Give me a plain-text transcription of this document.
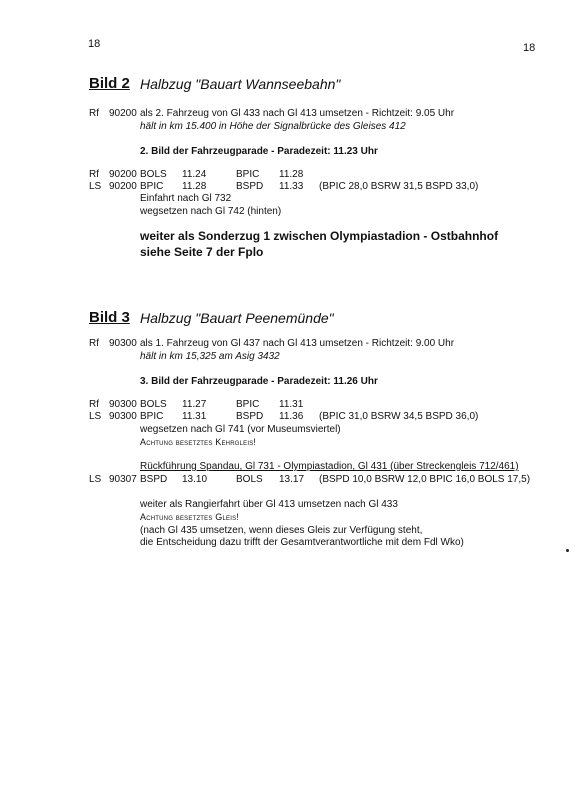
18	18
Bild 2 Halbzug "Bauart Wannseebahn"
Rf 90200 als 2. Fahrzeug von Gl 433 nach Gl 413 umsetzen - Richtzeit: 9.05 Uhr
hält in km 15.400 in Höhe der Signalbrücke des Gleises 412
2. Bild der Fahrzeugparade - Paradezeit: 11.23 Uhr
Rf 90200 BOLS 11.24	BPIC 11.28
LS 90200 BPIC 11.28	BSPD 11.33 (BPIC 28,0 BSRW 31,5 BSPD 33,0)
Einfahrt nach Gl 732
wegsetzen nach Gl 742 (hinten)
weiter als Sonderzug 1 zwischen Olympiastadion - Ostbahnhof
siehe Seite 7 der Fplo
Bild 3 Halbzug "Bauart Peenemünde"
Rf 90300 als 1. Fahrzeug von Gl 437 nach Gl 413 umsetzen - Richtzeit: 9.00 Uhr
hält in km 15,325 am Asig 3432
3. Bild der Fahrzeugparade - Paradezeit: 11.26 Uhr
Rf 90300 BOLS 11.27	BPIC 11.31
LS 90300 BPIC 11.31	BSPD 11.36 (BPIC 31,0 BSRW 34,5 BSPD 36,0)
wegsetzen nach Gl 741 (vor Museumsviertel)
Achtung besetztes Kehrgleis!
Rückführung Spandau, Gl 731 - Olympiastadion, Gl 431 (über Streckengleis 712/461)
LS 90307 BSPD 13.10	BOLS 13.17 (BSPD 10,0 BSRW 12,0 BPIC 16,0 BOLS 17,5)
weiter als Rangierfahrt über Gl 413 umsetzen nach Gl 433
Achtung besetztes Gleis!
(nach Gl 435 umsetzen, wenn dieses Gleis zur Verfügung steht,
die Entscheidung dazu trifft der Gesamtverantwortliche mit dem Fdl Wko)
